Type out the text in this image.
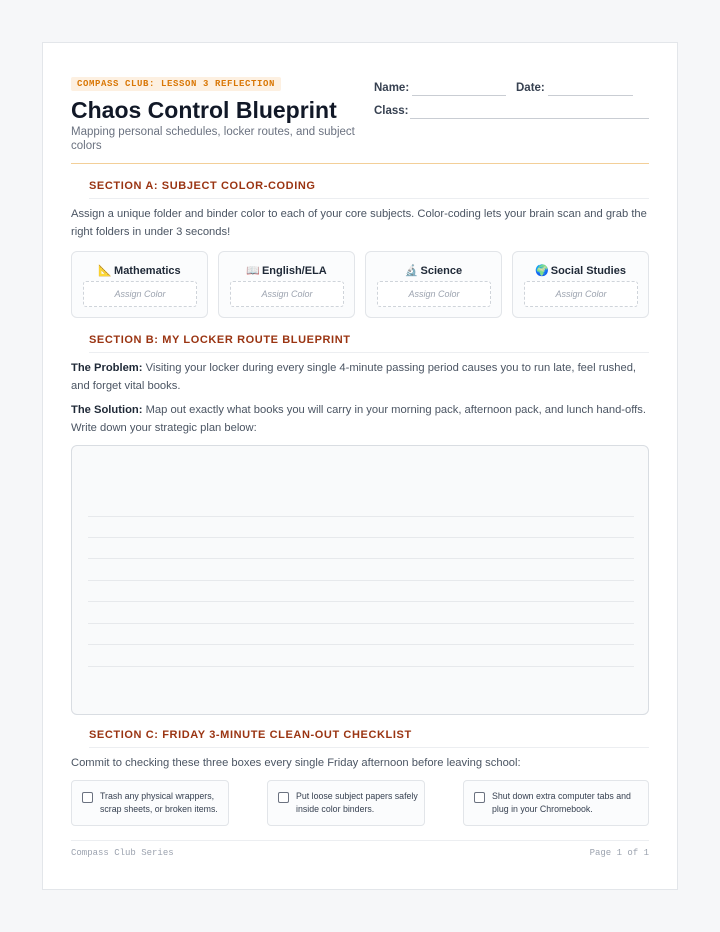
COMPASS CLUB: LESSON 3 REFLECTION
Chaos Control Blueprint
Mapping personal schedules, locker routes, and subject colors
Name:	Date:
Class:
SECTION A: SUBJECT COLOR-CODING
Assign a unique folder and binder color to each of your core subjects. Color-coding lets your brain scan and grab the right folders in under 3 seconds!
📐 Mathematics
Assign Color
📖 English/ELA
Assign Color
🔬 Science
Assign Color
🌍 Social Studies
Assign Color
SECTION B: MY LOCKER ROUTE BLUEPRINT
The Problem: Visiting your locker during every single 4-minute passing period causes you to run late, feel rushed, and forget vital books.
The Solution: Map out exactly what books you will carry in your morning pack, afternoon pack, and lunch hand-offs. Write down your strategic plan below:
SECTION C: FRIDAY 3-MINUTE CLEAN-OUT CHECKLIST
Commit to checking these three boxes every single Friday afternoon before leaving school:
Trash any physical wrappers, scrap sheets, or broken items.
Put loose subject papers safely inside color binders.
Shut down extra computer tabs and plug in your Chromebook.
Compass Club Series	Page 1 of 1
